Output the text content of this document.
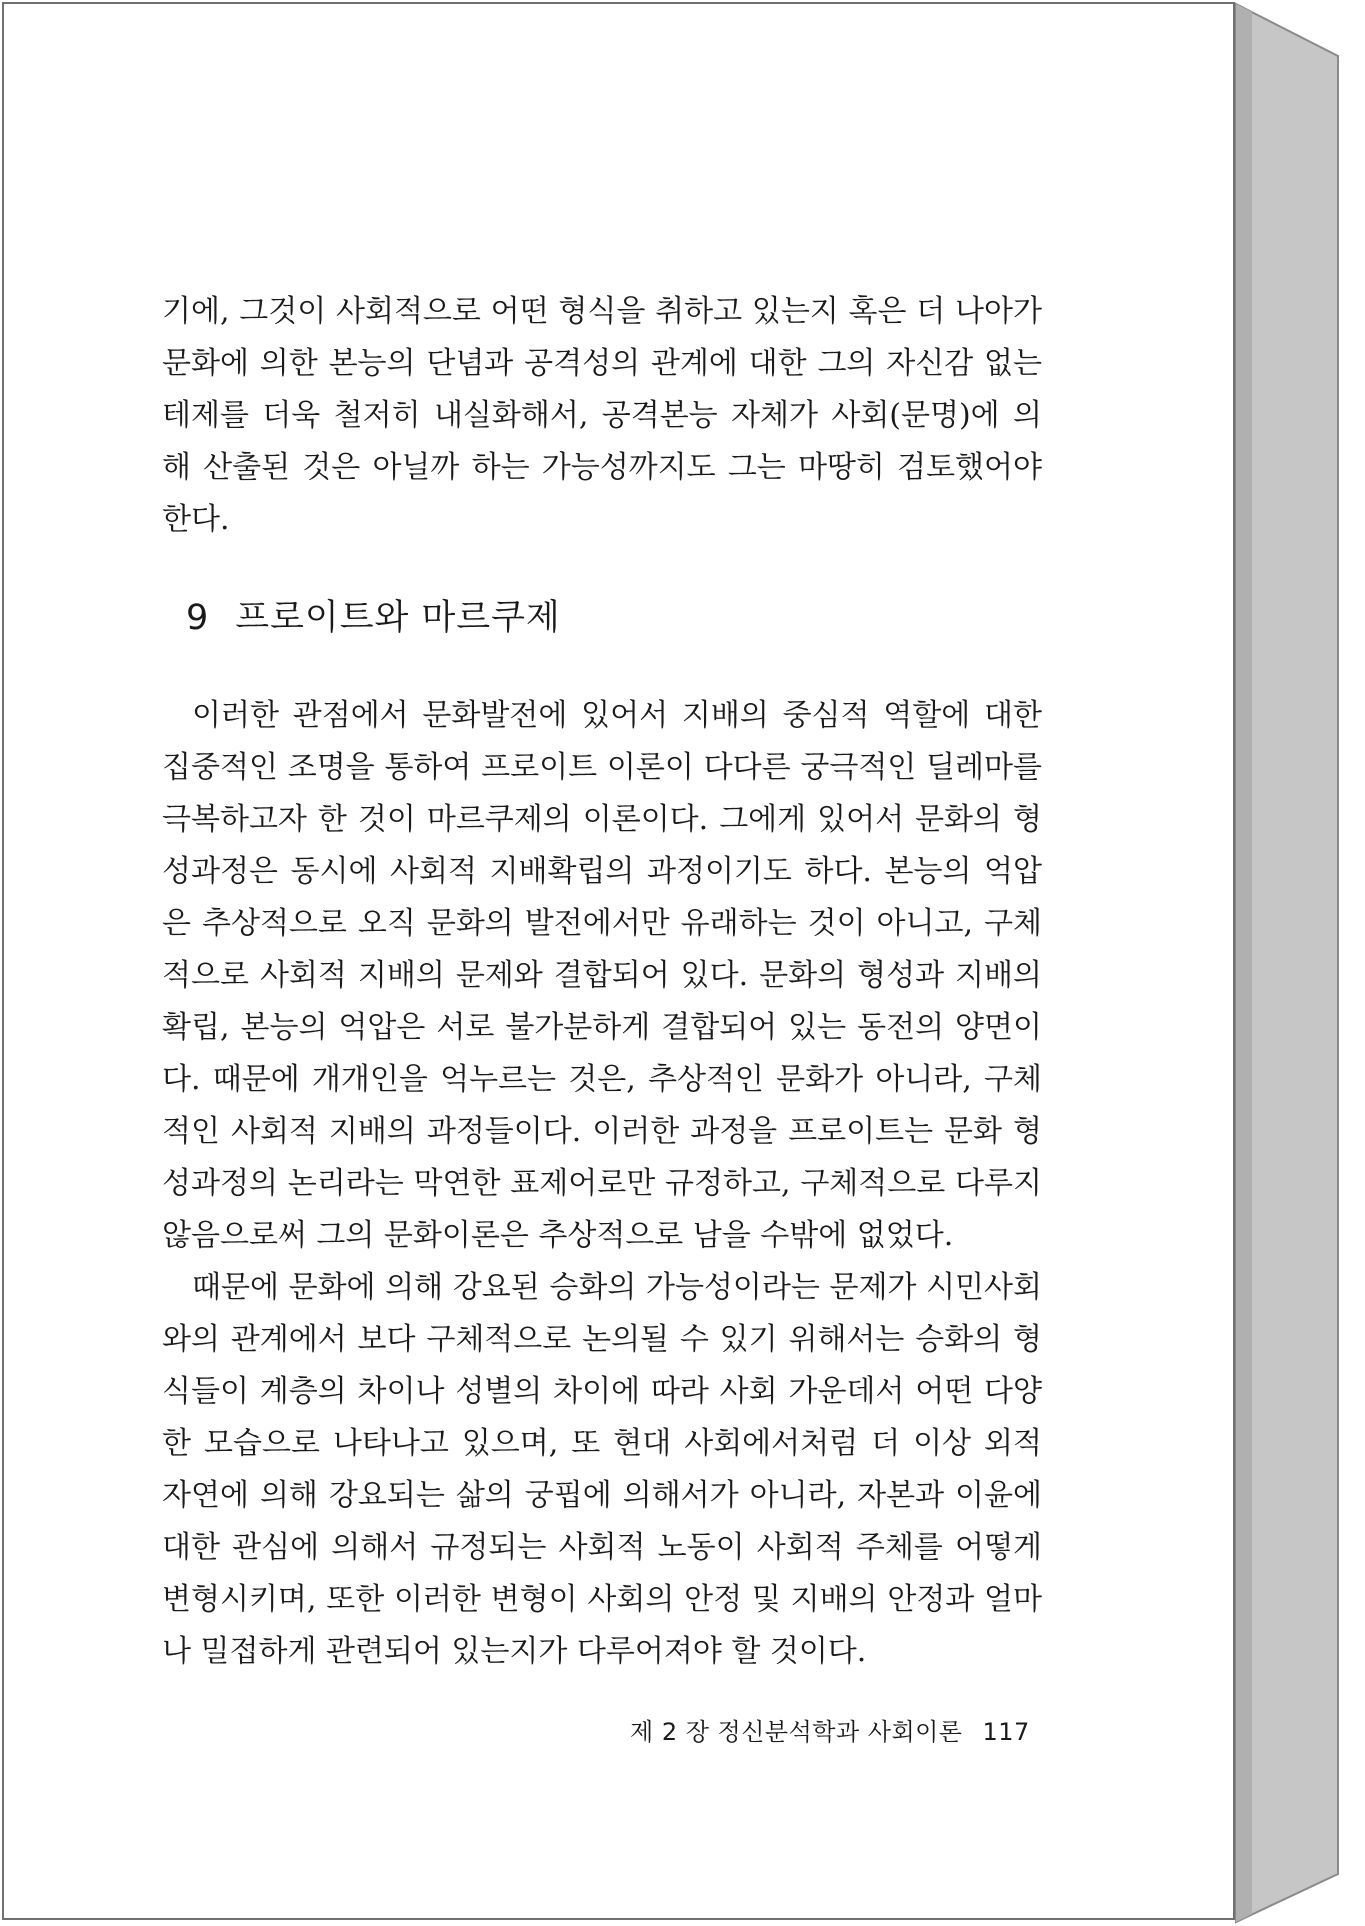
기에, 그것이 사회적으로 어떤 형식을 취하고 있는지 혹은 더 나아가 문화에 의한 본능의 단념과 공격성의 관계에 대한 그의 자신감 없는 테제를 더욱 철저히 내실화해서, 공격본능 자체가 사회(문명)에 의해 산출된 것은 아닐까 하는 가능성까지도 그는 마땅히 검토했어야 한다.
9 프로이트와 마르쿠제

이러한 관점에서 문화발전에 있어서 지배의 중심적 역할에 대한 집중적인 조명을 통하여 프로이트 이론이 다다른 궁극적인 딜레마를 극복하고자 한 것이 마르쿠제의 이론이다. 그에게 있어서 문화의 형성과정은 동시에 사회적 지배확립의 과정이기도 하다. 본능의 억압은 추상적으로 오직 문화의 발전에서만 유래하는 것이 아니고, 구체적으로 사회적 지배의 문제와 결합되어 있다. 문화의 형성과 지배의 확립, 본능의 억압은 서로 불가분하게 결합되어 있는 동전의 양면이다. 때문에 개개인을 억누르는 것은, 추상적인 문화가 아니라, 구체적인 사회적 지배의 과정들이다. 이러한 과정을 프로이트는 문화 형성과정의 논리라는 막연한 표제어로만 규정하고, 구체적으로 다루지 않음으로써 그의 문화이론은 추상적으로 남을 수밖에 없었다.

때문에 문화에 의해 강요된 승화의 가능성이라는 문제가 시민사회와의 관계에서 보다 구체적으로 논의될 수 있기 위해서는 승화의 형식들이 계층의 차이나 성별의 차이에 따라 사회 가운데서 어떤 다양한 모습으로 나타나고 있으며, 또 현대 사회에서처럼 더 이상 외적 자연에 의해 강요되는 삶의 궁핍에 의해서가 아니라, 자본과 이윤에 대한 관심에 의해서 규정되는 사회적 노동이 사회적 주체를 어떻게 변형시키며, 또한 이러한 변형이 사회의 안정 및 지배의 안정과 얼마나 밀접하게 관련되어 있는지가 다루어져야 할 것이다.

제 2 장 정신분석학과 사회이론 117
